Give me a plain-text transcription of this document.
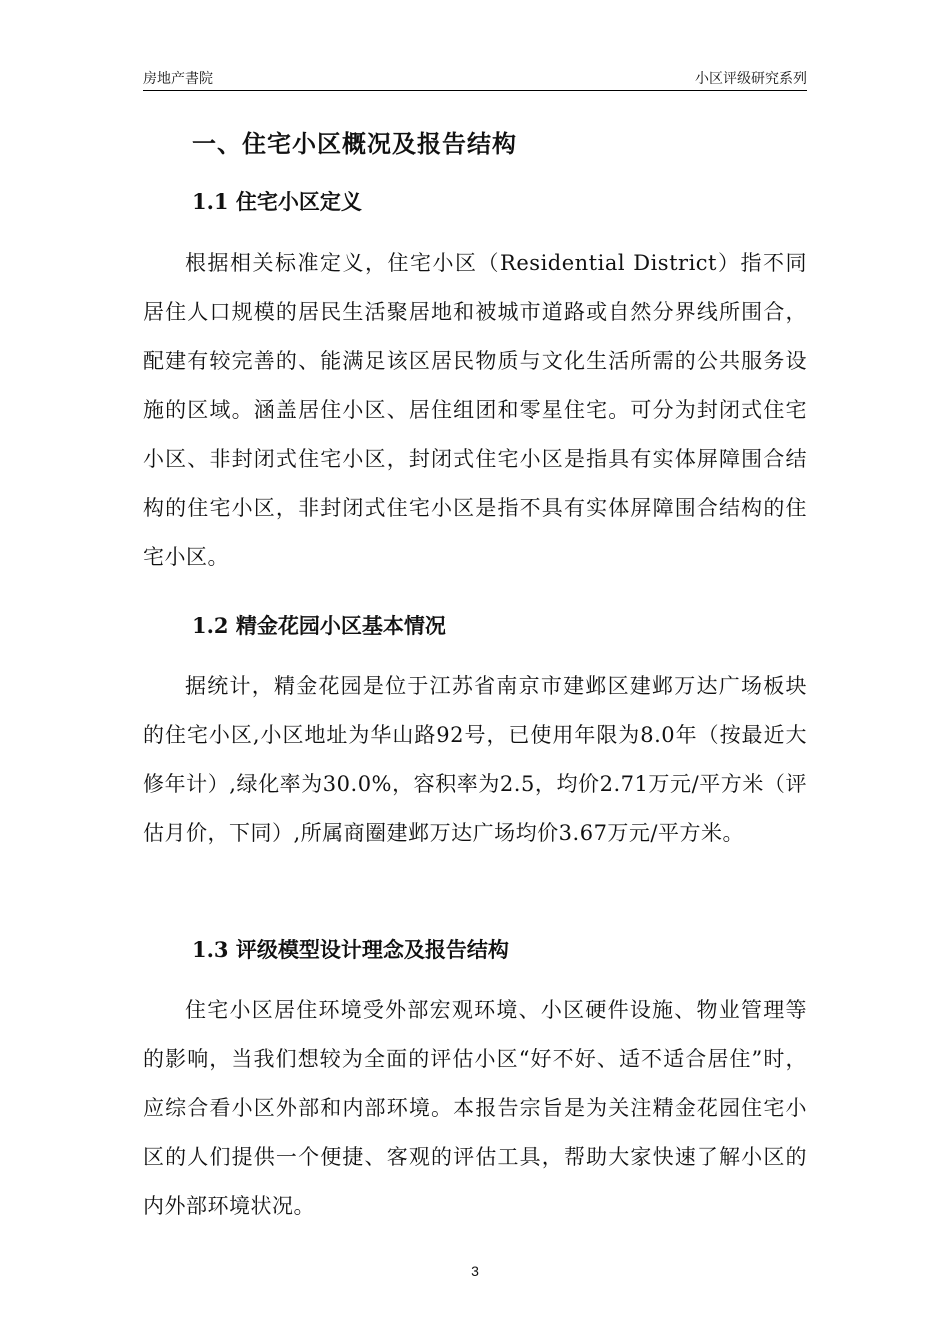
房地产書院	小区评级研究系列
一、住宅小区概况及报告结构
1.1 住宅小区定义

根据相关标准定义，住宅小区（Residential District）指不同居住人口规模的居民生活聚居地和被城市道路或自然分界线所围合，配建有较完善的、能满足该区居民物质与文化生活所需的公共服务设施的区域。涵盖居住小区、居住组团和零星住宅。可分为封闭式住宅小区、非封闭式住宅小区，封闭式住宅小区是指具有实体屏障围合结构的住宅小区，非封闭式住宅小区是指不具有实体屏障围合结构的住宅小区。

1.2 精金花园小区基本情况

据统计，精金花园是位于江苏省南京市建邺区建邺万达广场板块的住宅小区,小区地址为华山路92号，已使用年限为8.0年（按最近大修年计）,绿化率为30.0%，容积率为2.5，均价2.71万元/平方米（评估月价，下同）,所属商圈建邺万达广场均价3.67万元/平方米。

1.3 评级模型设计理念及报告结构

住宅小区居住环境受外部宏观环境、小区硬件设施、物业管理等的影响，当我们想较为全面的评估小区“好不好、适不适合居住”时，应综合看小区外部和内部环境。本报告宗旨是为关注精金花园住宅小区的人们提供一个便捷、客观的评估工具，帮助大家快速了解小区的内外部环境状况。

3
